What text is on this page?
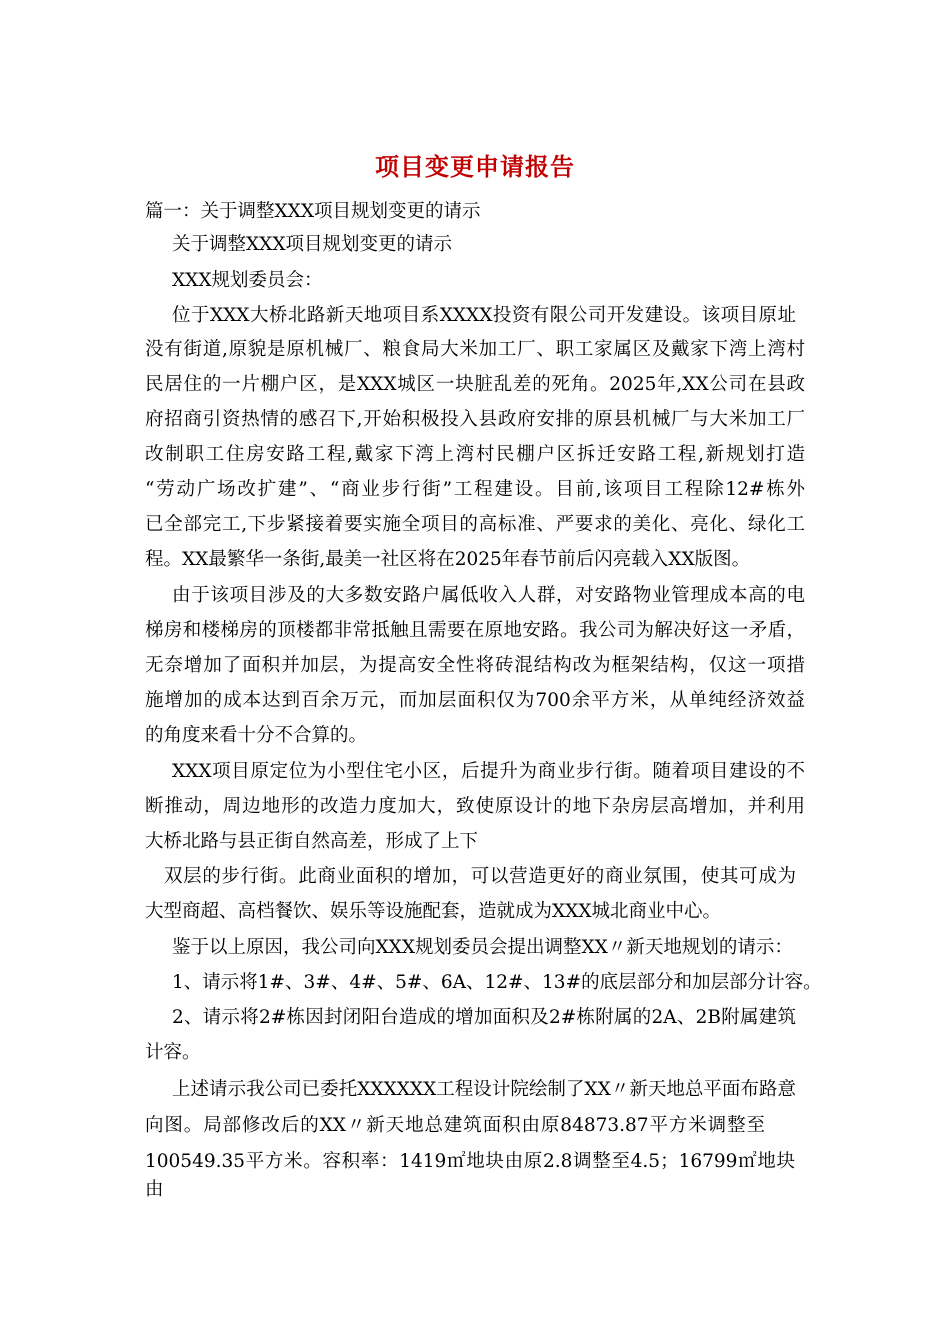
项目变更申请报告
篇一：关于调整XXX项目规划变更的请示
关于调整XXX项目规划变更的请示
XXX规划委员会：
位于XXX大桥北路新天地项目系XXXX投资有限公司开发建设。该项目原址
没有街道,原貌是原机械厂、粮食局大米加工厂、职工家属区及戴家下湾上湾村
民居住的一片棚户区，是XXX城区一块脏乱差的死角。2025年,XX公司在县政
府招商引资热情的感召下,开始积极投入县政府安排的原县机械厂与大米加工厂
改制职工住房安路工程,戴家下湾上湾村民棚户区拆迁安路工程,新规划打造
“劳动广场改扩建”、“商业步行街”工程建设。目前,该项目工程除12#栋外
已全部完工,下步紧接着要实施全项目的高标准、严要求的美化、亮化、绿化工
程。XX最繁华一条街,最美一社区将在2025年春节前后闪亮载入XX版图。
由于该项目涉及的大多数安路户属低收入人群，对安路物业管理成本高的电
梯房和楼梯房的顶楼都非常抵触且需要在原地安路。我公司为解决好这一矛盾，
无奈增加了面积并加层，为提高安全性将砖混结构改为框架结构，仅这一项措
施增加的成本达到百余万元，而加层面积仅为700余平方米，从单纯经济效益
的角度来看十分不合算的。
XXX项目原定位为小型住宅小区，后提升为商业步行街。随着项目建设的不
断推动，周边地形的改造力度加大，致使原设计的地下杂房层高增加，并利用
大桥北路与县正街自然高差，形成了上下
双层的步行街。此商业面积的增加，可以营造更好的商业氛围，使其可成为
大型商超、高档餐饮、娱乐等设施配套，造就成为XXX城北商业中心。
鉴于以上原因，我公司向XXX规划委员会提出调整XX〃新天地规划的请示：
1、请示将1#、3#、4#、5#、6A、12#、13#的底层部分和加层部分计容。
2、请示将2#栋因封闭阳台造成的增加面积及2#栋附属的2A、2B附属建筑
计容。
上述请示我公司已委托XXXXXX工程设计院绘制了XX〃新天地总平面布路意
向图。局部修改后的XX〃新天地总建筑面积由原84873.87平方米调整至
100549.35平方米。容积率：1419㎡地块由原2.8调整至4.5；16799㎡地块由
